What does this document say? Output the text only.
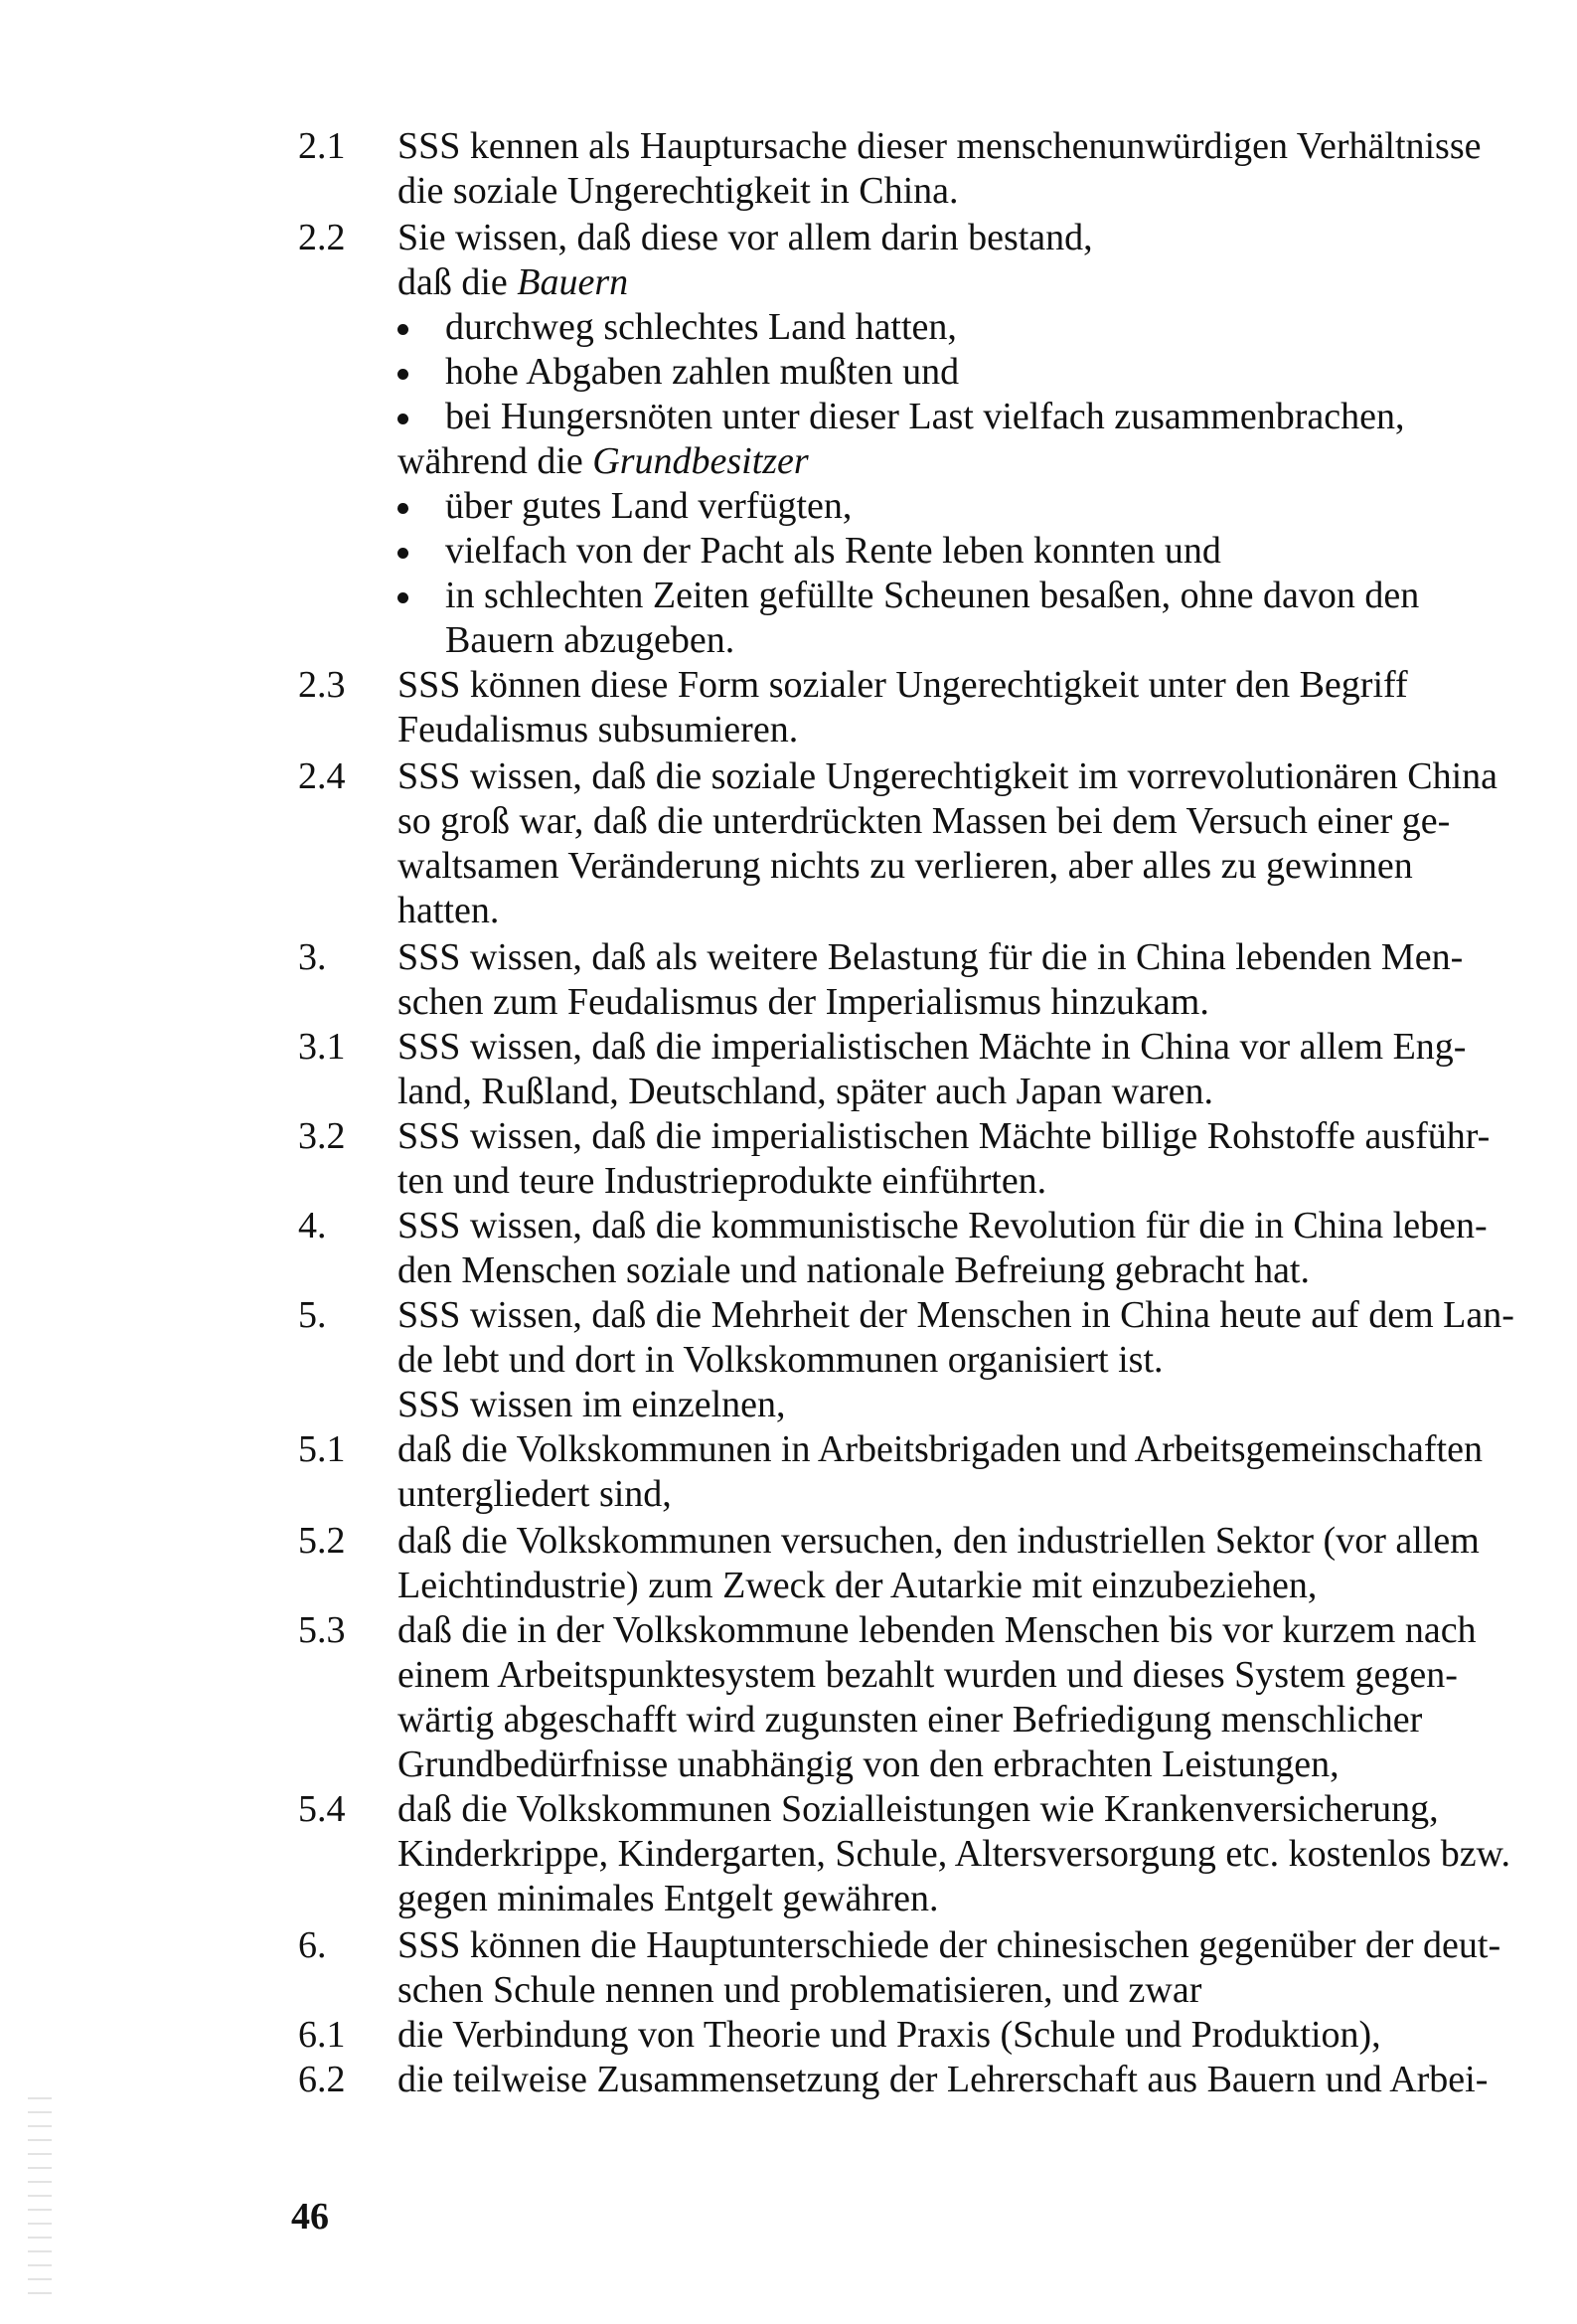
2.1	SSS kennen als Hauptursache dieser menschenunwürdigen Verhältnisse
die soziale Ungerechtigkeit in China.
2.2	Sie wissen, daß diese vor allem darin bestand,
daß die Bauern
durchweg schlechtes Land hatten,
hohe Abgaben zahlen mußten und
bei Hungersnöten unter dieser Last vielfach zusammenbrachen,
während die Grundbesitzer
über gutes Land verfügten,
vielfach von der Pacht als Rente leben konnten und
in schlechten Zeiten gefüllte Scheunen besaßen, ohne davon den
Bauern abzugeben.
2.3	SSS können diese Form sozialer Ungerechtigkeit unter den Begriff
Feudalismus subsumieren.
2.4	SSS wissen, daß die soziale Ungerechtigkeit im vorrevolutionären China
so groß war, daß die unterdrückten Massen bei dem Versuch einer ge-
waltsamen Veränderung nichts zu verlieren, aber alles zu gewinnen
hatten.
3.	SSS wissen, daß als weitere Belastung für die in China lebenden Men-
schen zum Feudalismus der Imperialismus hinzukam.
3.1	SSS wissen, daß die imperialistischen Mächte in China vor allem Eng-
land, Rußland, Deutschland, später auch Japan waren.
3.2	SSS wissen, daß die imperialistischen Mächte billige Rohstoffe ausführ-
ten und teure Industrieprodukte einführten.
4.	SSS wissen, daß die kommunistische Revolution für die in China leben-
den Menschen soziale und nationale Befreiung gebracht hat.
5.	SSS wissen, daß die Mehrheit der Menschen in China heute auf dem Lan-
de lebt und dort in Volkskommunen organisiert ist.
SSS wissen im einzelnen,
5.1	daß die Volkskommunen in Arbeitsbrigaden und Arbeitsgemeinschaften
untergliedert sind,
5.2	daß die Volkskommunen versuchen, den industriellen Sektor (vor allem
Leichtindustrie) zum Zweck der Autarkie mit einzubeziehen,
5.3	daß die in der Volkskommune lebenden Menschen bis vor kurzem nach
einem Arbeitspunktesystem bezahlt wurden und dieses System gegen-
wärtig abgeschafft wird zugunsten einer Befriedigung menschlicher
Grundbedürfnisse unabhängig von den erbrachten Leistungen,
5.4	daß die Volkskommunen Sozialleistungen wie Krankenversicherung,
Kinderkrippe, Kindergarten, Schule, Altersversorgung etc. kostenlos bzw.
gegen minimales Entgelt gewähren.
6.	SSS können die Hauptunterschiede der chinesischen gegenüber der deut-
schen Schule nennen und problematisieren, und zwar
6.1	die Verbindung von Theorie und Praxis (Schule und Produktion),
6.2	die teilweise Zusammensetzung der Lehrerschaft aus Bauern und Arbei-
46
